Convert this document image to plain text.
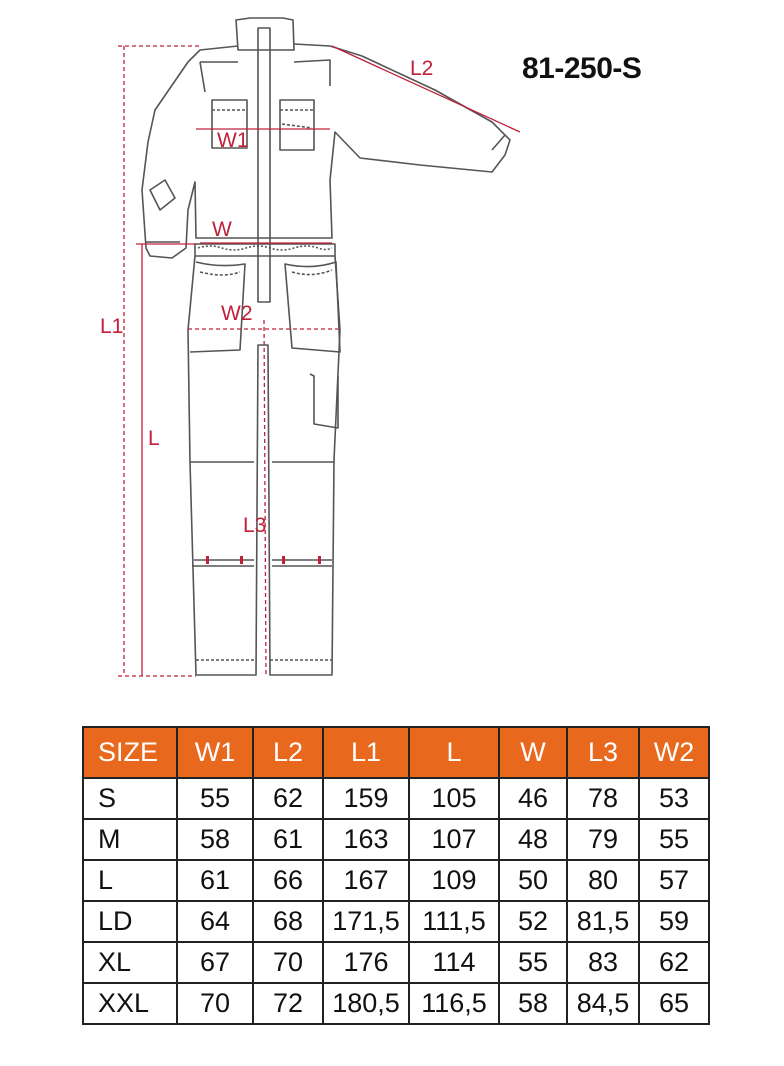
L2
W1
W
L1
W2
L
L3
81-250-S
SIZE	W1	L2	L1	L	W	L3	W2
S	55	62	159	105	46	78	53
M	58	61	163	107	48	79	55
L	61	66	167	109	50	80	57
LD	64	68	171,5	111,5	52	81,5	59
XL	67	70	176	114	55	83	62
XXL	70	72	180,5	116,5	58	84,5	65
